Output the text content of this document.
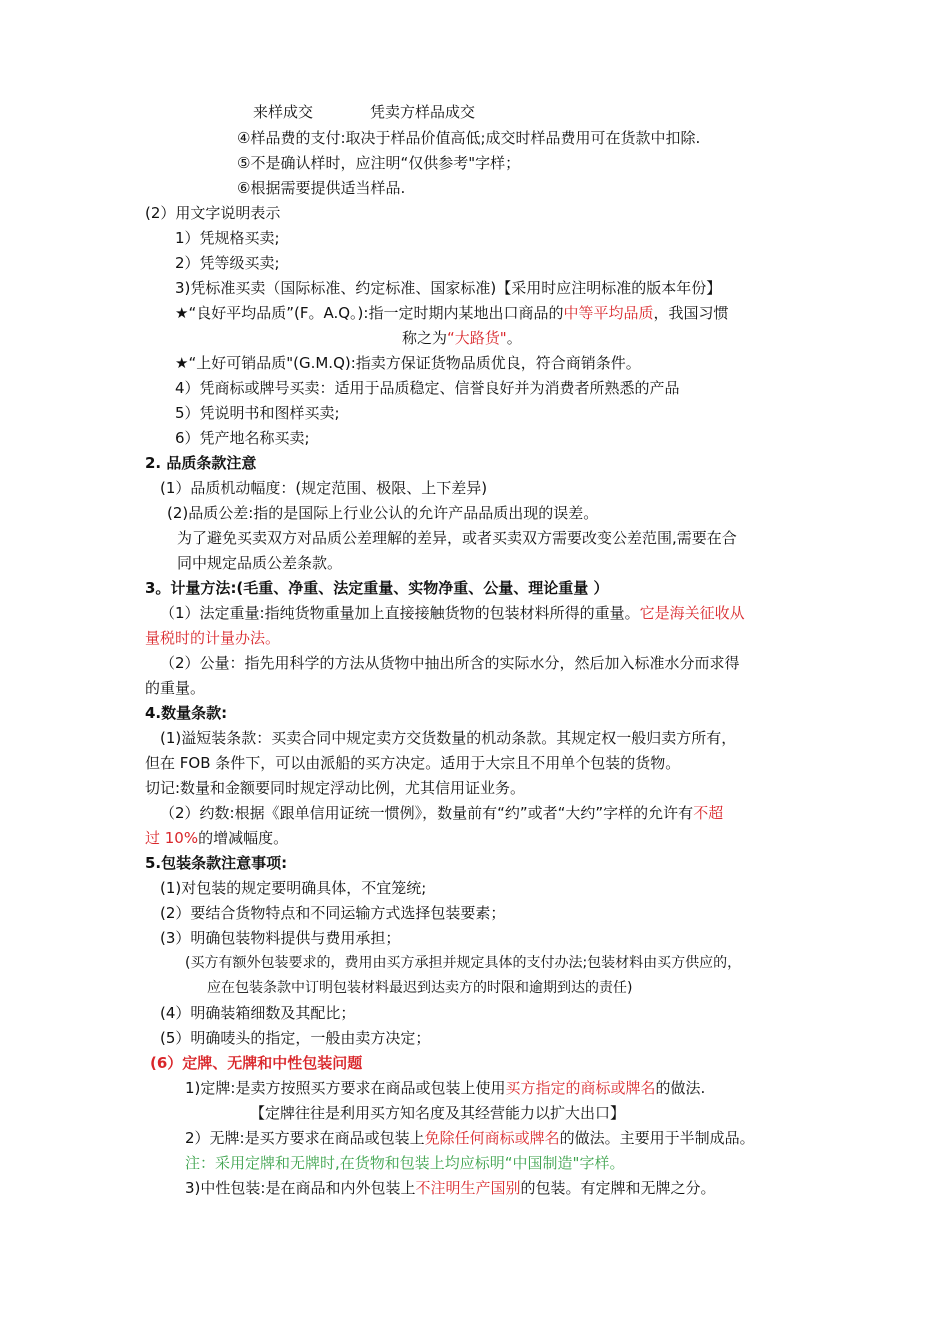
来样成交	凭卖方样品成交
④样品费的支付:取决于样品价值高低;成交时样品费用可在货款中扣除.
⑤不是确认样时，应注明“仅供参考"字样；
⑥根据需要提供适当样品.
(2）用文字说明表示
1）凭规格买卖;
2）凭等级买卖;
3)凭标准买卖（国际标准、约定标准、国家标准)【采用时应注明标准的版本年份】
★“良好平均品质”(F。A.Q。):指一定时期内某地出口商品的中等平均品质，我国习惯
称之为“大路货"。
★“上好可销品质"(G.M.Q):指卖方保证货物品质优良，符合商销条件。
4）凭商标或牌号买卖：适用于品质稳定、信誉良好并为消费者所熟悉的产品
5）凭说明书和图样买卖;
6）凭产地名称买卖;
2. 品质条款注意
(1）品质机动幅度：(规定范围、极限、上下差异)
(2)品质公差:指的是国际上行业公认的允许产品品质出现的误差。
为了避免买卖双方对品质公差理解的差异，或者买卖双方需要改变公差范围,需要在合
同中规定品质公差条款。
3。计量方法:(毛重、净重、法定重量、实物净重、公量、理论重量 ）
（1）法定重量:指纯货物重量加上直接接触货物的包装材料所得的重量。它是海关征收从
量税时的计量办法。
（2）公量：指先用科学的方法从货物中抽出所含的实际水分，然后加入标准水分而求得
的重量。
4.数量条款:
(1)溢短装条款：买卖合同中规定卖方交货数量的机动条款。其规定权一般归卖方所有，
但在 FOB 条件下，可以由派船的买方决定。适用于大宗且不用单个包装的货物。
切记:数量和金额要同时规定浮动比例，尤其信用证业务。
（2）约数:根据《跟单信用证统一惯例》，数量前有“约”或者“大约”字样的允许有不超
过 10%的增减幅度。
5.包装条款注意事项:
(1)对包装的规定要明确具体，不宜笼统;
(2）要结合货物特点和不同运输方式选择包装要素；
(3）明确包装物料提供与费用承担；
(买方有额外包装要求的，费用由买方承担并规定具体的支付办法;包装材料由买方供应的，
应在包装条款中订明包装材料最迟到达卖方的时限和逾期到达的责任)
(4）明确装箱细数及其配比；
(5）明确唛头的指定，一般由卖方决定；
(6）定牌、无牌和中性包装问题
1)定牌:是卖方按照买方要求在商品或包装上使用买方指定的商标或牌名的做法.
【定牌往往是利用买方知名度及其经营能力以扩大出口】
2）无牌:是买方要求在商品或包装上免除任何商标或牌名的做法。主要用于半制成品。
注：采用定牌和无牌时,在货物和包装上均应标明“中国制造"字样。
3)中性包装:是在商品和内外包装上不注明生产国别的包装。有定牌和无牌之分。
